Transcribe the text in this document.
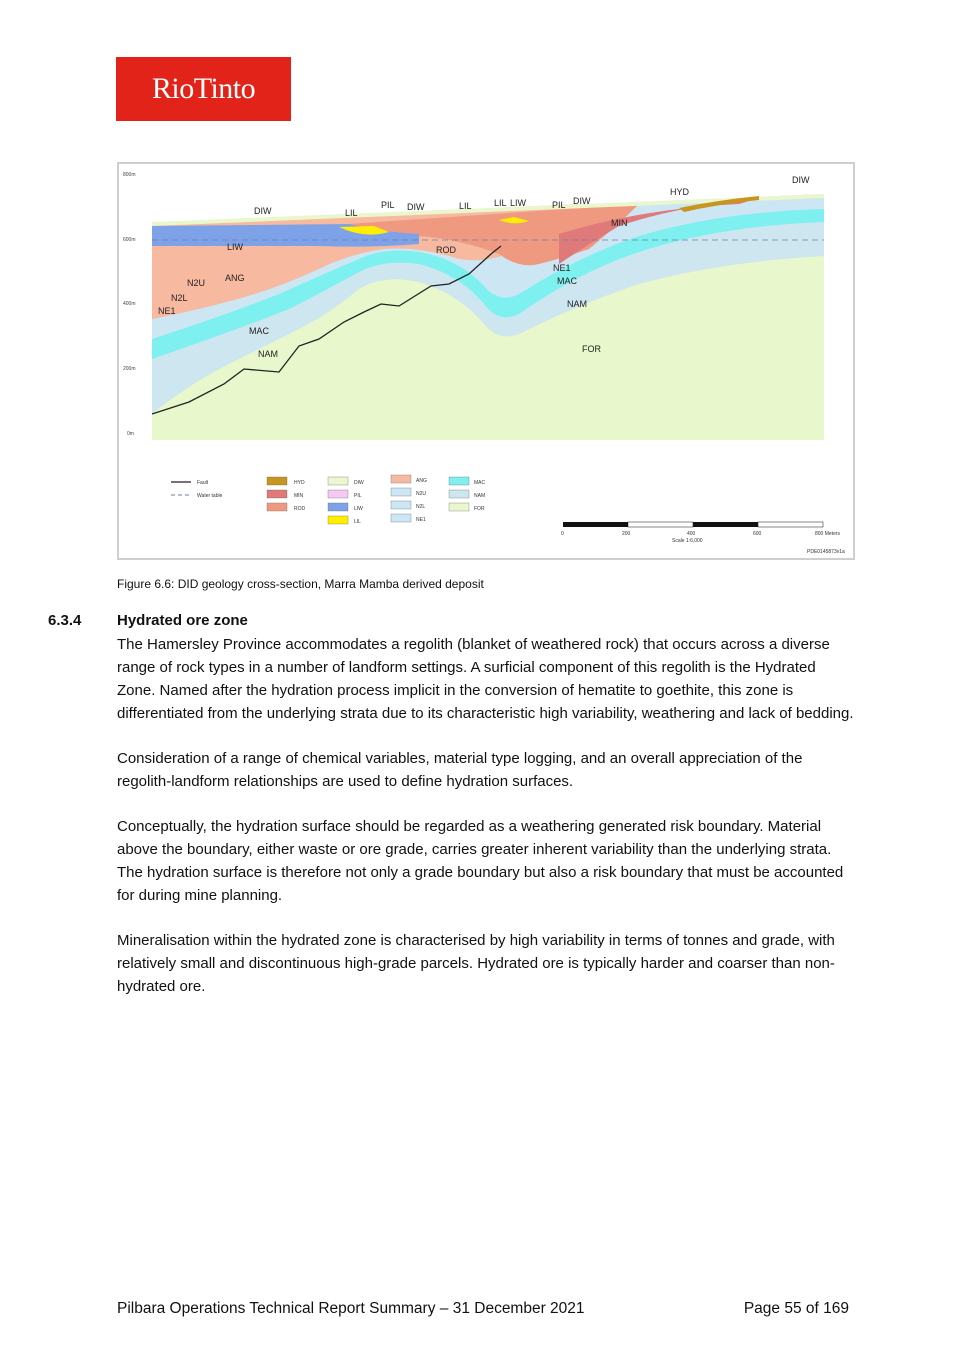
RioTinto
800m
600m
400m
200m
0m
DIW	LIL
PIL DIW	LIL LIL LIW	PIL DIW
HYD
DIW
MIN
LIW	ROD
ANG
N2U
N2L
NE1
MAC
NAM
NE1
MAC
NAM
FOR
Fault
Water table
HYD
MIN
ROD
DIW
PIL
LIW
LIL
ANG
N2U
N2L
NE1
MAC
NAM
FOR
0	200	400	600	800 Meters
Scale 1:6,000
PDE0145873v1a
Figure 6.6: DID geology cross-section, Marra Mamba derived deposit
6.3.4 Hydrated ore zone

The Hamersley Province accommodates a regolith (blanket of weathered rock) that occurs across a diverse range of rock types in a number of landform settings. A surficial component of this regolith is the Hydrated Zone. Named after the hydration process implicit in the conversion of hematite to goethite, this zone is differentiated from the underlying strata due to its characteristic high variability, weathering and lack of bedding.

Consideration of a range of chemical variables, material type logging, and an overall appreciation of the regolith-landform relationships are used to define hydration surfaces.

Conceptually, the hydration surface should be regarded as a weathering generated risk boundary. Material above the boundary, either waste or ore grade, carries greater inherent variability than the underlying strata. The hydration surface is therefore not only a grade boundary but also a risk boundary that must be accounted for during mine planning.

Mineralisation within the hydrated zone is characterised by high variability in terms of tonnes and grade, with relatively small and discontinuous high-grade parcels. Hydrated ore is typically harder and coarser than non-hydrated ore.

Pilbara Operations Technical Report Summary – 31 December 2021	Page 55 of 169
